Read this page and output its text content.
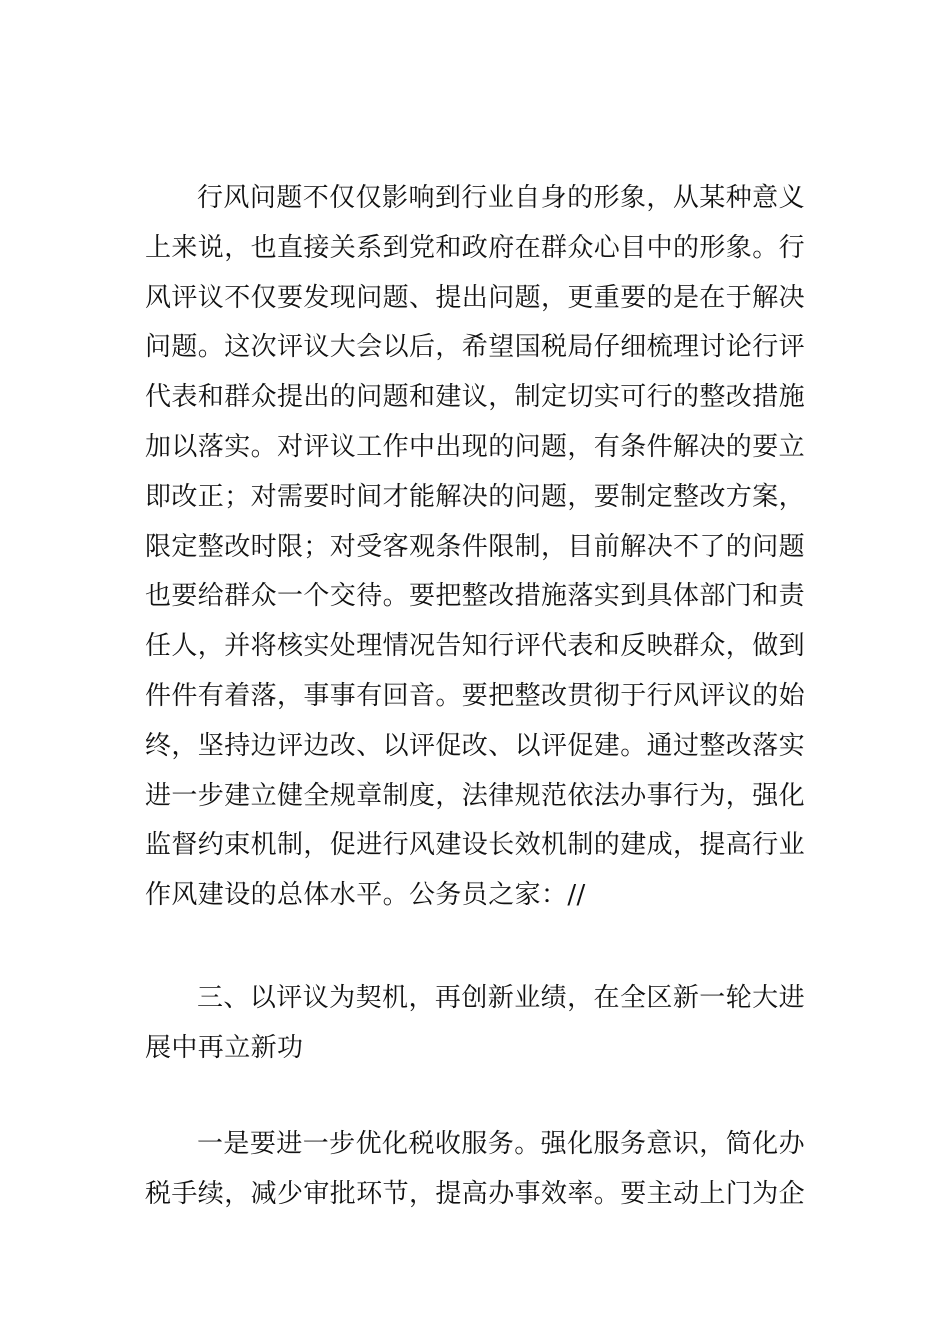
行风问题不仅仅影响到行业自身的形象，从某种意义上来说，也直接关系到党和政府在群众心目中的形象。行风评议不仅要发现问题、提出问题，更重要的是在于解决问题。这次评议大会以后，希望国税局仔细梳理讨论行评代表和群众提出的问题和建议，制定切实可行的整改措施加以落实。对评议工作中出现的问题，有条件解决的要立即改正；对需要时间才能解决的问题，要制定整改方案，限定整改时限；对受客观条件限制，目前解决不了的问题也要给群众一个交待。要把整改措施落实到具体部门和责任人，并将核实处理情况告知行评代表和反映群众，做到件件有着落，事事有回音。要把整改贯彻于行风评议的始终，坚持边评边改、以评促改、以评促建。通过整改落实进一步建立健全规章制度，法律规范依法办事行为，强化监督约束机制，促进行风建设长效机制的建成，提高行业作风建设的总体水平。公务员之家：//

三、以评议为契机，再创新业绩，在全区新一轮大进展中再立新功

一是要进一步优化税收服务。强化服务意识，简化办税手续，减少审批环节，提高办事效率。要主动上门为企
